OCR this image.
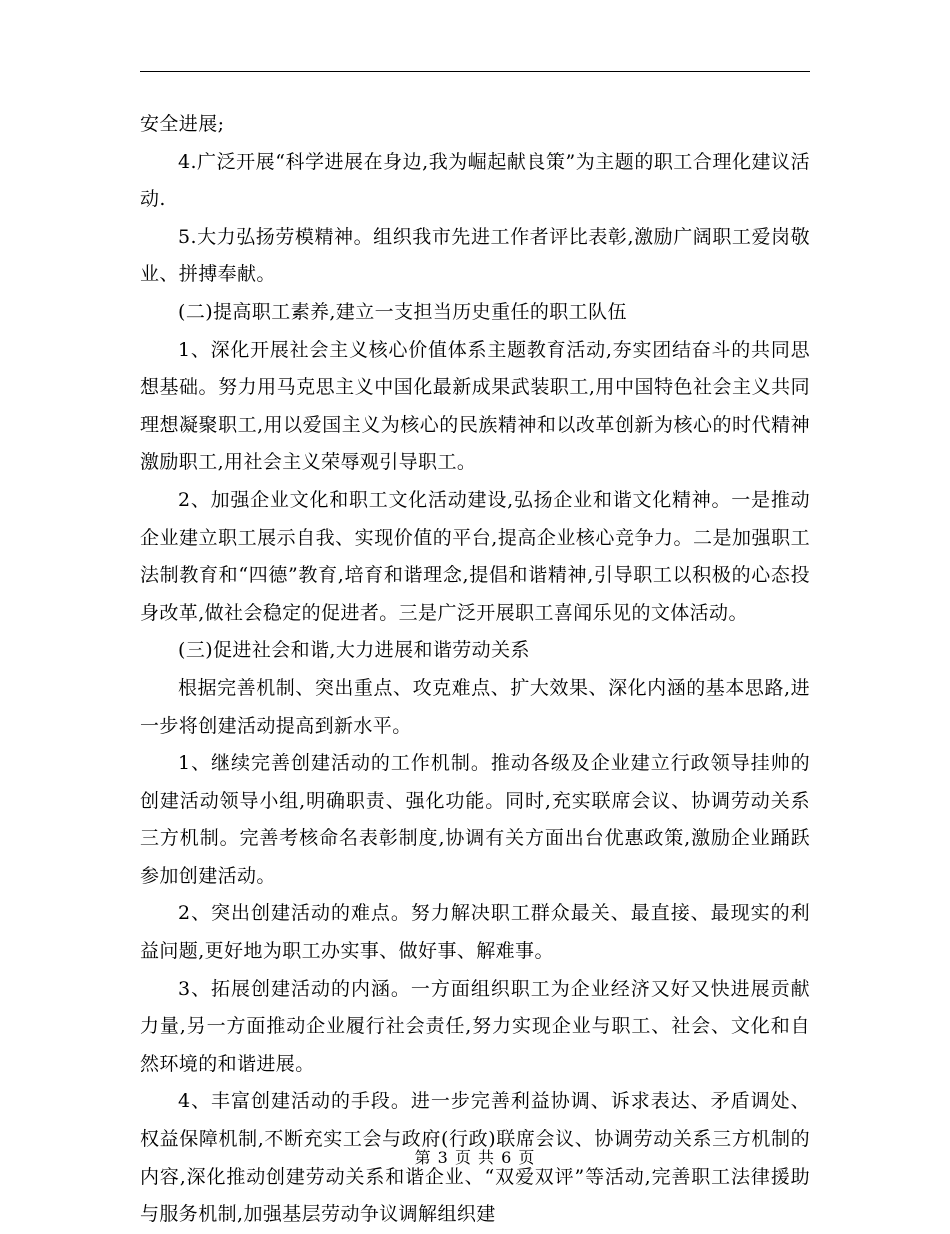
安全进展;

4.广泛开展“科学进展在身边,我为崛起献良策”为主题的职工合理化建议活动.

5.大力弘扬劳模精神。组织我市先进工作者评比表彰,激励广阔职工爱岗敬业、拼搏奉献。

(二)提高职工素养,建立一支担当历史重任的职工队伍

1、深化开展社会主义核心价值体系主题教育活动,夯实团结奋斗的共同思想基础。努力用马克思主义中国化最新成果武装职工,用中国特色社会主义共同理想凝聚职工,用以爱国主义为核心的民族精神和以改革创新为核心的时代精神激励职工,用社会主义荣辱观引导职工。

2、加强企业文化和职工文化活动建设,弘扬企业和谐文化精神。一是推动企业建立职工展示自我、实现价值的平台,提高企业核心竞争力。二是加强职工法制教育和“四德”教育,培育和谐理念,提倡和谐精神,引导职工以积极的心态投身改革,做社会稳定的促进者。三是广泛开展职工喜闻乐见的文体活动。

(三)促进社会和谐,大力进展和谐劳动关系

根据完善机制、突出重点、攻克难点、扩大效果、深化内涵的基本思路,进一步将创建活动提高到新水平。

1、继续完善创建活动的工作机制。推动各级及企业建立行政领导挂帅的创建活动领导小组,明确职责、强化功能。同时,充实联席会议、协调劳动关系三方机制。完善考核命名表彰制度,协调有关方面出台优惠政策,激励企业踊跃参加创建活动。

2、突出创建活动的难点。努力解决职工群众最关、最直接、最现实的利益问题,更好地为职工办实事、做好事、解难事。

3、拓展创建活动的内涵。一方面组织职工为企业经济又好又快进展贡献力量,另一方面推动企业履行社会责任,努力实现企业与职工、社会、文化和自然环境的和谐进展。

4、丰富创建活动的手段。进一步完善利益协调、诉求表达、矛盾调处、权益保障机制,不断充实工会与政府(行政)联席会议、协调劳动关系三方机制的内容,深化推动创建劳动关系和谐企业、“双爱双评”等活动,完善职工法律援助与服务机制,加强基层劳动争议调解组织建

第 3 页 共 6 页
